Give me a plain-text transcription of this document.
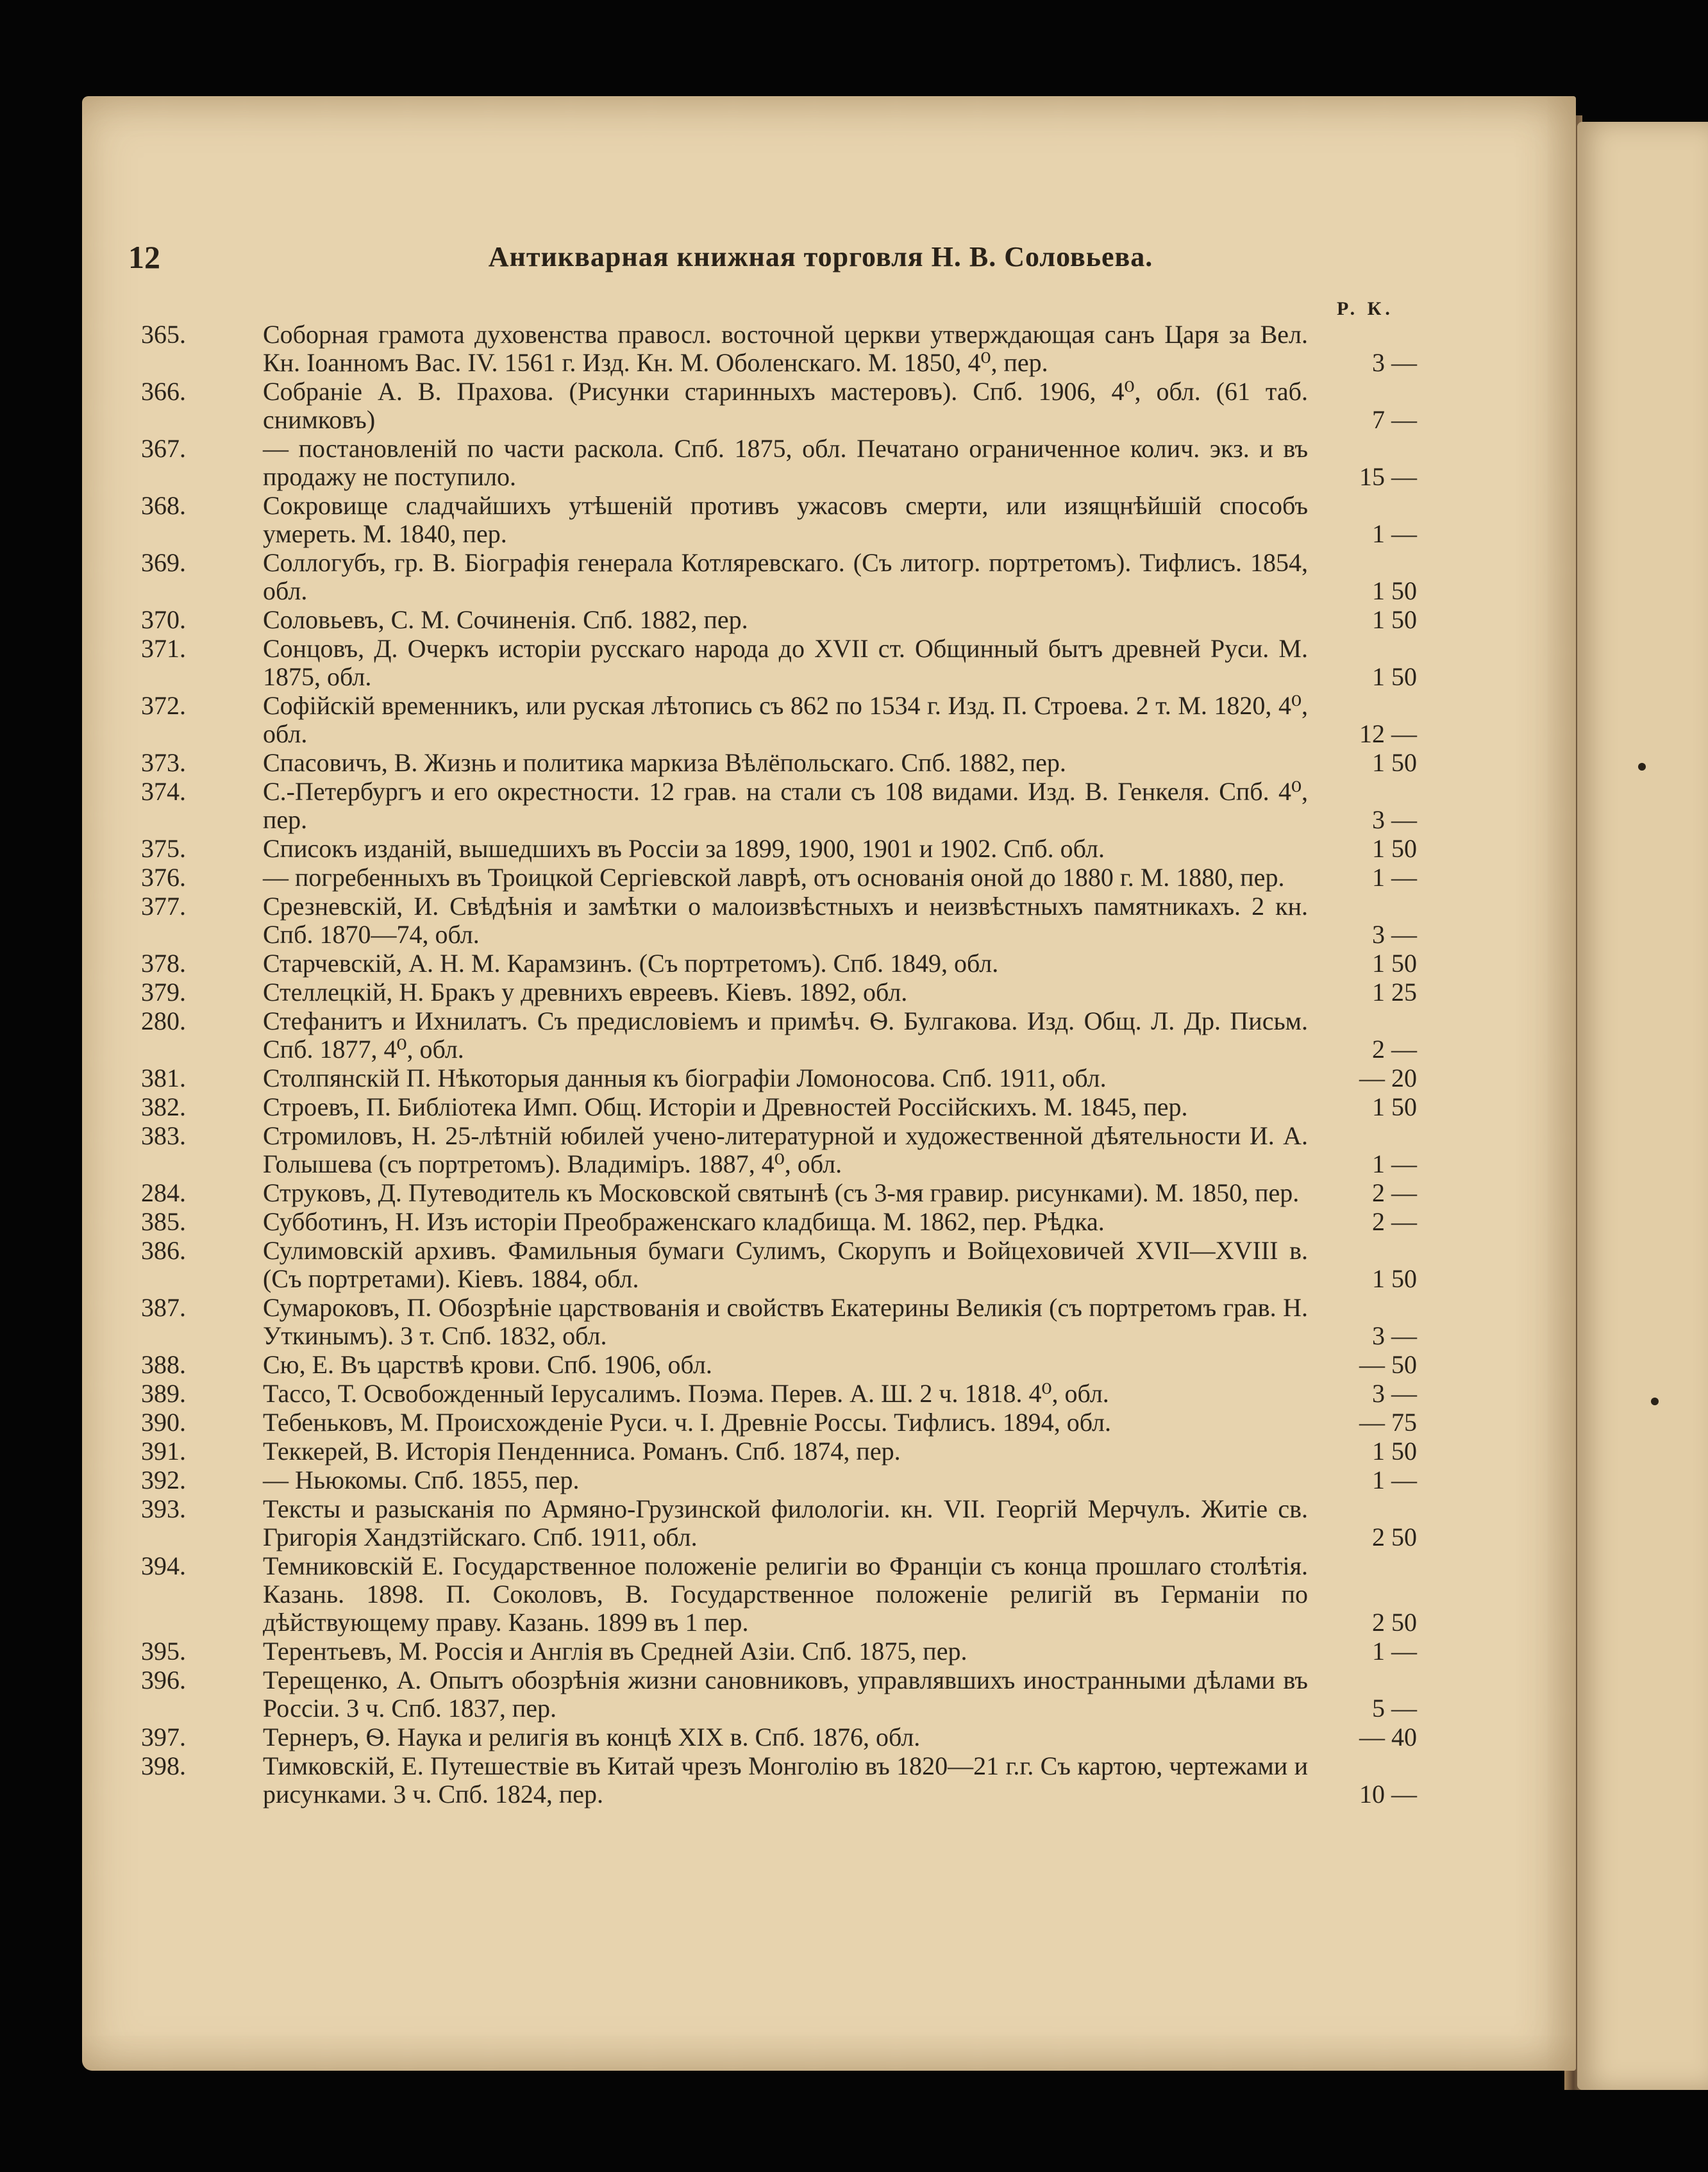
12	Антикварная книжная торговля Н. В. Соловьева.
Р. К.
365.	Соборная грамота духовенства правосл. восточной церкви утверждающая санъ Царя за Вел. Кн. Іоанномъ Вас. IV. 1561 г. Изд. Кн. М. Оболенскаго. М. 1850, 4⁰, пер.	3 —
366.	Собраніе А. В. Прахова. (Рисунки старинныхъ мастеровъ). Спб. 1906, 4⁰, обл. (61 таб. снимковъ)	7 —
367.	— постановленій по части раскола. Спб. 1875, обл. Печатано ограниченное колич. экз. и въ продажу не поступило.	15 —
368.	Сокровище сладчайшихъ утѣшеній противъ ужасовъ смерти, или изящнѣйшій способъ умереть. М. 1840, пер.	1 —
369.	Соллогубъ, гр. В. Біографія генерала Котляревскаго. (Съ литогр. портретомъ). Тифлисъ. 1854, обл.	1 50
370.	Соловьевъ, С. М. Сочиненія. Спб. 1882, пер.	1 50
371.	Сонцовъ, Д. Очеркъ исторіи русскаго народа до XVII ст. Общинный бытъ древней Руси. М. 1875, обл.	1 50
372.	Софійскій временникъ, или руская лѣтопись съ 862 по 1534 г. Изд. П. Строева. 2 т. М. 1820, 4⁰, обл.	12 —
373.	Спасовичъ, В. Жизнь и политика маркиза Вѣлёпольскаго. Спб. 1882, пер.	1 50
374.	С.-Петербургъ и его окрестности. 12 грав. на стали съ 108 видами. Изд. В. Генкеля. Спб. 4⁰, пер.	3 —
375.	Списокъ изданій, вышедшихъ въ Россіи за 1899, 1900, 1901 и 1902. Спб. обл.	1 50
376.	— погребенныхъ въ Троицкой Сергіевской лаврѣ, отъ основанія оной до 1880 г. М. 1880, пер.	1 —
377.	Срезневскій, И. Свѣдѣнія и замѣтки о малоизвѣстныхъ и неизвѣстныхъ памятникахъ. 2 кн. Спб. 1870—74, обл.	3 —
378.	Старчевскій, А. Н. М. Карамзинъ. (Съ портретомъ). Спб. 1849, обл.	1 50
379.	Стеллецкій, Н. Бракъ у древнихъ евреевъ. Кіевъ. 1892, обл.	1 25
280.	Стефанитъ и Ихнилатъ. Съ предисловіемъ и примѣч. Ѳ. Булгакова. Изд. Общ. Л. Др. Письм. Спб. 1877, 4⁰, обл.	2 —
381.	Столпянскій П. Нѣкоторыя данныя къ біографіи Ломоносова. Спб. 1911, обл.	— 20
382.	Строевъ, П. Библіотека Имп. Общ. Исторіи и Древностей Россійскихъ. М. 1845, пер.	1 50
383.	Стромиловъ, Н. 25-лѣтній юбилей учено-литературной и художественной дѣятельности И. А. Голышева (съ портретомъ). Владиміръ. 1887, 4⁰, обл.	1 —
284.	Струковъ, Д. Путеводитель къ Московской святынѣ (съ 3-мя гравир. рисунками). М. 1850, пер.	2 —
385.	Субботинъ, Н. Изъ исторіи Преображенскаго кладбища. М. 1862, пер. Рѣдка.	2 —
386.	Сулимовскій архивъ. Фамильныя бумаги Сулимъ, Скорупъ и Войцеховичей XVII—XVIII в. (Съ портретами). Кіевъ. 1884, обл.	1 50
387.	Сумароковъ, П. Обозрѣніе царствованія и свойствъ Екатерины Великія (съ портретомъ грав. Н. Уткинымъ). 3 т. Спб. 1832, обл.	3 —
388.	Сю, Е. Въ царствѣ крови. Спб. 1906, обл.	— 50
389.	Тассо, Т. Освобожденный Іерусалимъ. Поэма. Перев. А. Ш. 2 ч. 1818. 4⁰, обл.	3 —
390.	Тебеньковъ, М. Происхожденіе Руси. ч. I. Древніе Россы. Тифлисъ. 1894, обл.	— 75
391.	Теккерей, В. Исторія Пенденниса. Романъ. Спб. 1874, пер.	1 50
392.	— Ньюкомы. Спб. 1855, пер.	1 —
393.	Тексты и разысканія по Армяно-Грузинской филологіи. кн. VII. Георгій Мерчулъ. Житіе св. Григорія Хандзтійскаго. Спб. 1911, обл.	2 50
394.	Темниковскій Е. Государственное положеніе религіи во Франціи съ конца прошлаго столѣтія. Казань. 1898. П. Соколовъ, В. Государственное положеніе религій въ Германіи по дѣйствующему праву. Казань. 1899 въ 1 пер.	2 50
395.	Терентьевъ, М. Россія и Англія въ Средней Азіи. Спб. 1875, пер.	1 —
396.	Терещенко, А. Опытъ обозрѣнія жизни сановниковъ, управлявшихъ иностранными дѣлами въ Россіи. 3 ч. Спб. 1837, пер.	5 —
397.	Тернеръ, Ѳ. Наука и религія въ концѣ XIX в. Спб. 1876, обл.	— 40
398.	Тимковскій, Е. Путешествіе въ Китай чрезъ Монголію въ 1820—21 г.г. Съ картою, чертежами и рисунками. 3 ч. Спб. 1824, пер.	10 —
